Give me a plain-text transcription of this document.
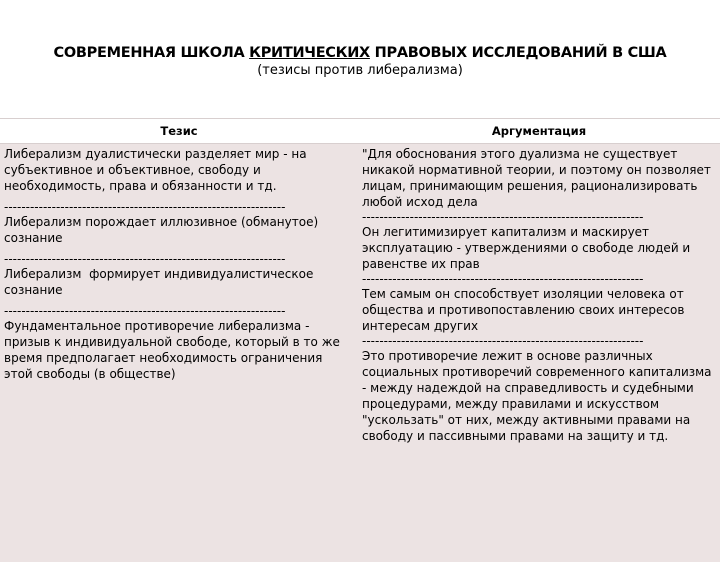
СОВРЕМЕННАЯ ШКОЛА КРИТИЧЕСКИХ ПРАВОВЫХ ИССЛЕДОВАНИЙ В США
(тезисы против либерализма)
Тезис	Аргументация
Либерализм дуалистически разделяет мир - на субъективное и объективное, свободу и необходимость, права и обязанности и тд.
-----------------------------------------------------------------
Либерализм порождает иллюзивное (обманутое) сознание
-----------------------------------------------------------------
Либерализм  формирует индивидуалистическое сознание
-----------------------------------------------------------------
Фундаментальное противоречие либерализма - призыв к индивидуальной свободе, который в то же время предполагает необходимость ограничения этой свободы (в обществе)
"Для обоснования этого дуализма не существует никакой нормативной теории, и поэтому он позволяет лицам, принимающим решения, рационализировать любой исход дела
-----------------------------------------------------------------
Он легитимизирует капитализм и маскирует эксплуатацию - утверждениями о свободе людей и равенстве их прав
-----------------------------------------------------------------
Тем самым он способствует изоляции человека от общества и противопоставлению своих интересов интересам других
-----------------------------------------------------------------
Это противоречие лежит в основе различных социальных противоречий современного капитализма - между надеждой на справедливость и судебными процедурами, между правилами и искусством "ускользать" от них, между активными правами на свободу и пассивными правами на защиту и тд.
